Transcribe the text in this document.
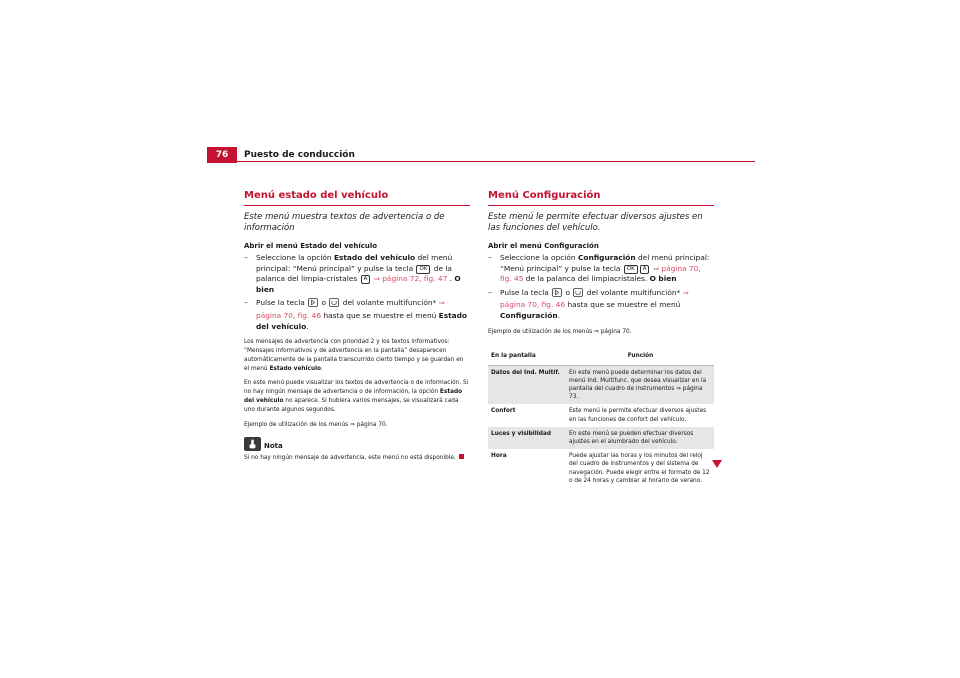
76	Puesto de conducción
Menú estado del vehículo

Este menú muestra textos de advertencia o de información

Abrir el menú Estado del vehículo

– Seleccione la opción Estado del vehículo del menú principal: “Menú principal” y pulse la tecla OK de la palanca del limpia-cristales A ⇒ página 72, fig. 47 . O bien

– Pulse la tecla  o  del volante multifunción* ⇒ página 70, fig. 46 hasta que se muestre el menú Estado del vehículo.

Los mensajes de advertencia con prioridad 2 y los textos informativos: “Mensajes informativos y de advertencia en la pantalla” desaparecen automáticamente de la pantalla transcurrido cierto tiempo y se guardan en el menú Estado vehículo.

En este menú puede visualizar los textos de advertencia o de información. Si no hay ningún mensaje de advertencia o de información, la opción Estado del vehículo no aparece. Si hubiera varios mensajes, se visualizará cada uno durante algunos segundos.

Ejemplo de utilización de los menús ⇒ página 70.

Nota

Si no hay ningún mensaje de advertencia, este menú no está disponible.

Menú Configuración

Este menú le permite efectuar diversos ajustes en las funciones del vehículo.

Abrir el menú Configuración

– Seleccione la opción Configuración del menú principal: “Menú principal” y pulse la tecla OK A ⇒ página 70, fig. 45 de la palanca del limpiacristales. O bien

– Pulse la tecla  o  del volante multifunción* ⇒ página 70, fig. 46 hasta que se muestre el menú Configuración.

Ejemplo de utilización de los menús ⇒ página 70.

En la pantalla	Función
Datos del Ind. Multif.	En este menú puede determinar los datos del menú Ind. Multifunc. que desea visualizar en la pantalla del cuadro de instrumentos ⇒ página 73.
Confort	Este menú le permite efectuar diversos ajustes en las funciones de confort del vehículo.
Luces y visibilidad	En este menú se pueden efectuar diversos ajustes en el alumbrado del vehículo.
Hora	Puede ajustar las horas y los minutos del reloj del cuadro de instrumentos y del sistema de navegación. Puede elegir entre el formato de 12 o de 24 horas y cambiar al horario de verano.
